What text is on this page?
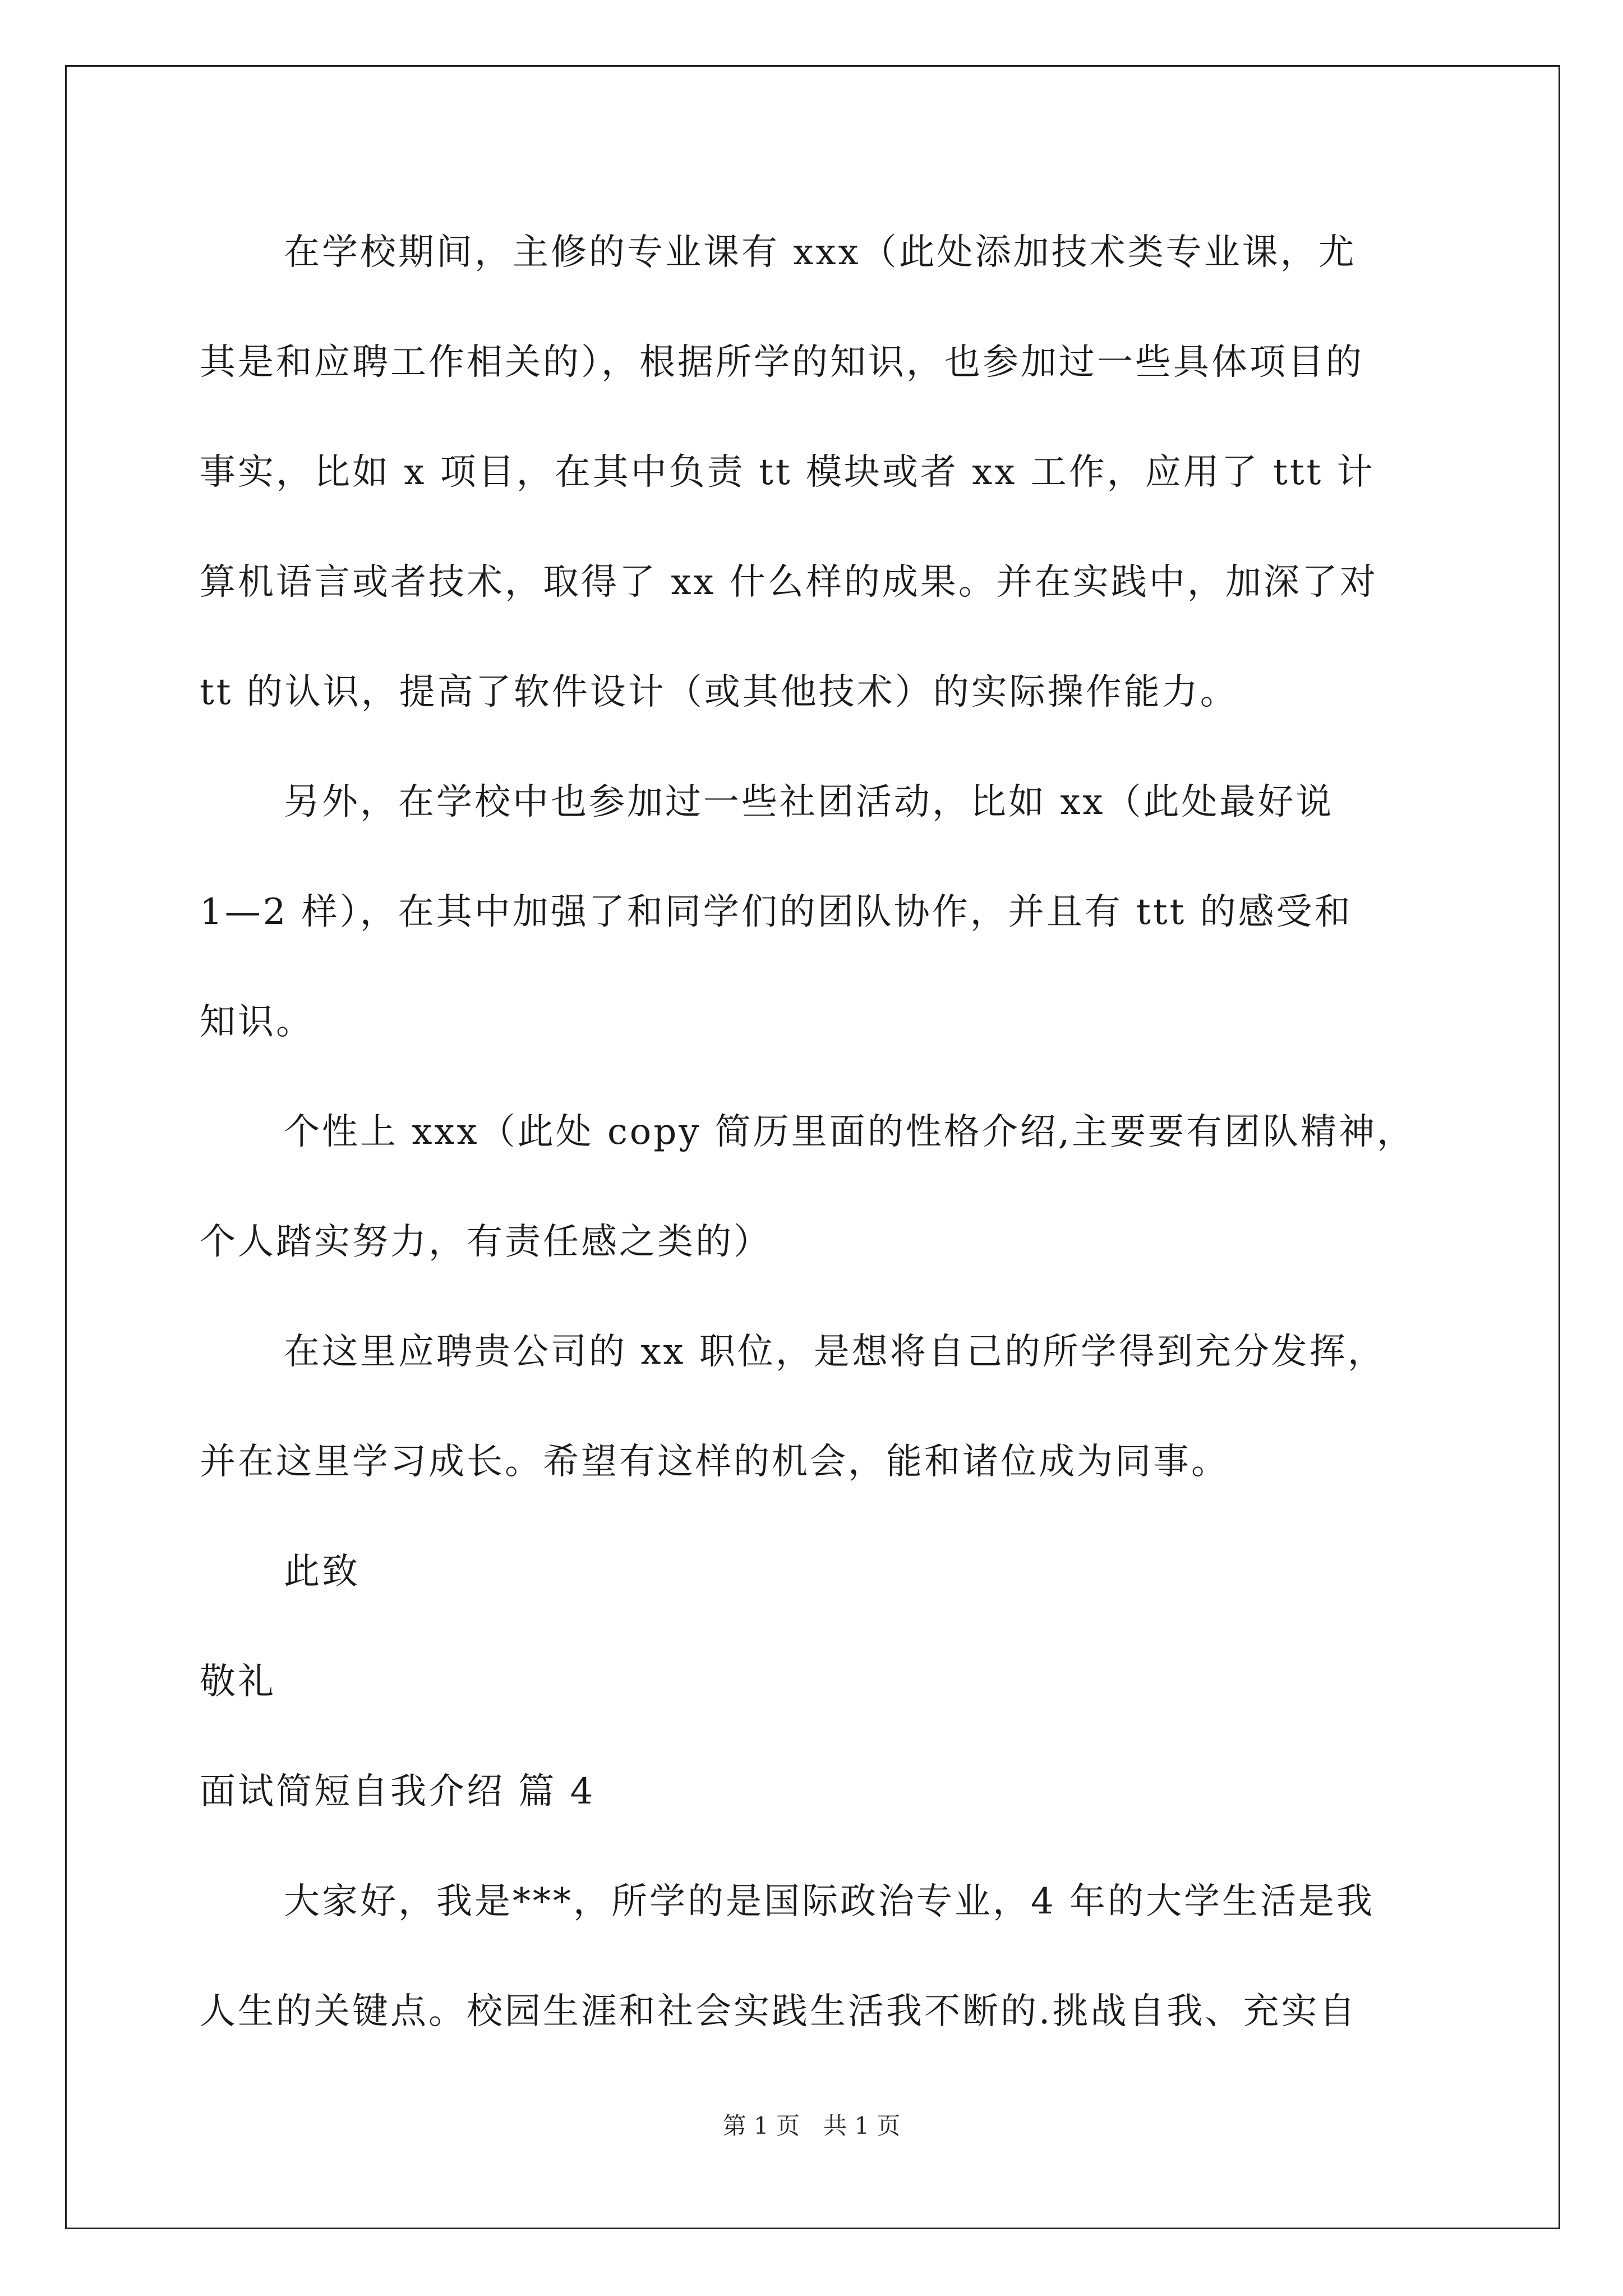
在学校期间，主修的专业课有 xxx（此处添加技术类专业课，尤
其是和应聘工作相关的），根据所学的知识，也参加过一些具体项目的
事实，比如 x 项目，在其中负责 tt 模块或者 xx 工作，应用了 ttt 计
算机语言或者技术，取得了 xx 什么样的成果。并在实践中，加深了对
tt 的认识，提高了软件设计（或其他技术）的实际操作能力。
另外，在学校中也参加过一些社团活动，比如 xx（此处最好说
1—2 样），在其中加强了和同学们的团队协作，并且有 ttt 的感受和
知识。
个性上 xxx（此处 copy 简历里面的性格介绍,主要要有团队精神，
个人踏实努力，有责任感之类的）
在这里应聘贵公司的 xx 职位，是想将自己的所学得到充分发挥，
并在这里学习成长。希望有这样的机会，能和诸位成为同事。
此致
敬礼
面试简短自我介绍 篇 4
大家好，我是***，所学的是国际政治专业，4 年的大学生活是我
人生的关键点。校园生涯和社会实践生活我不断的.挑战自我、充实自
第 1 页　共 1 页
